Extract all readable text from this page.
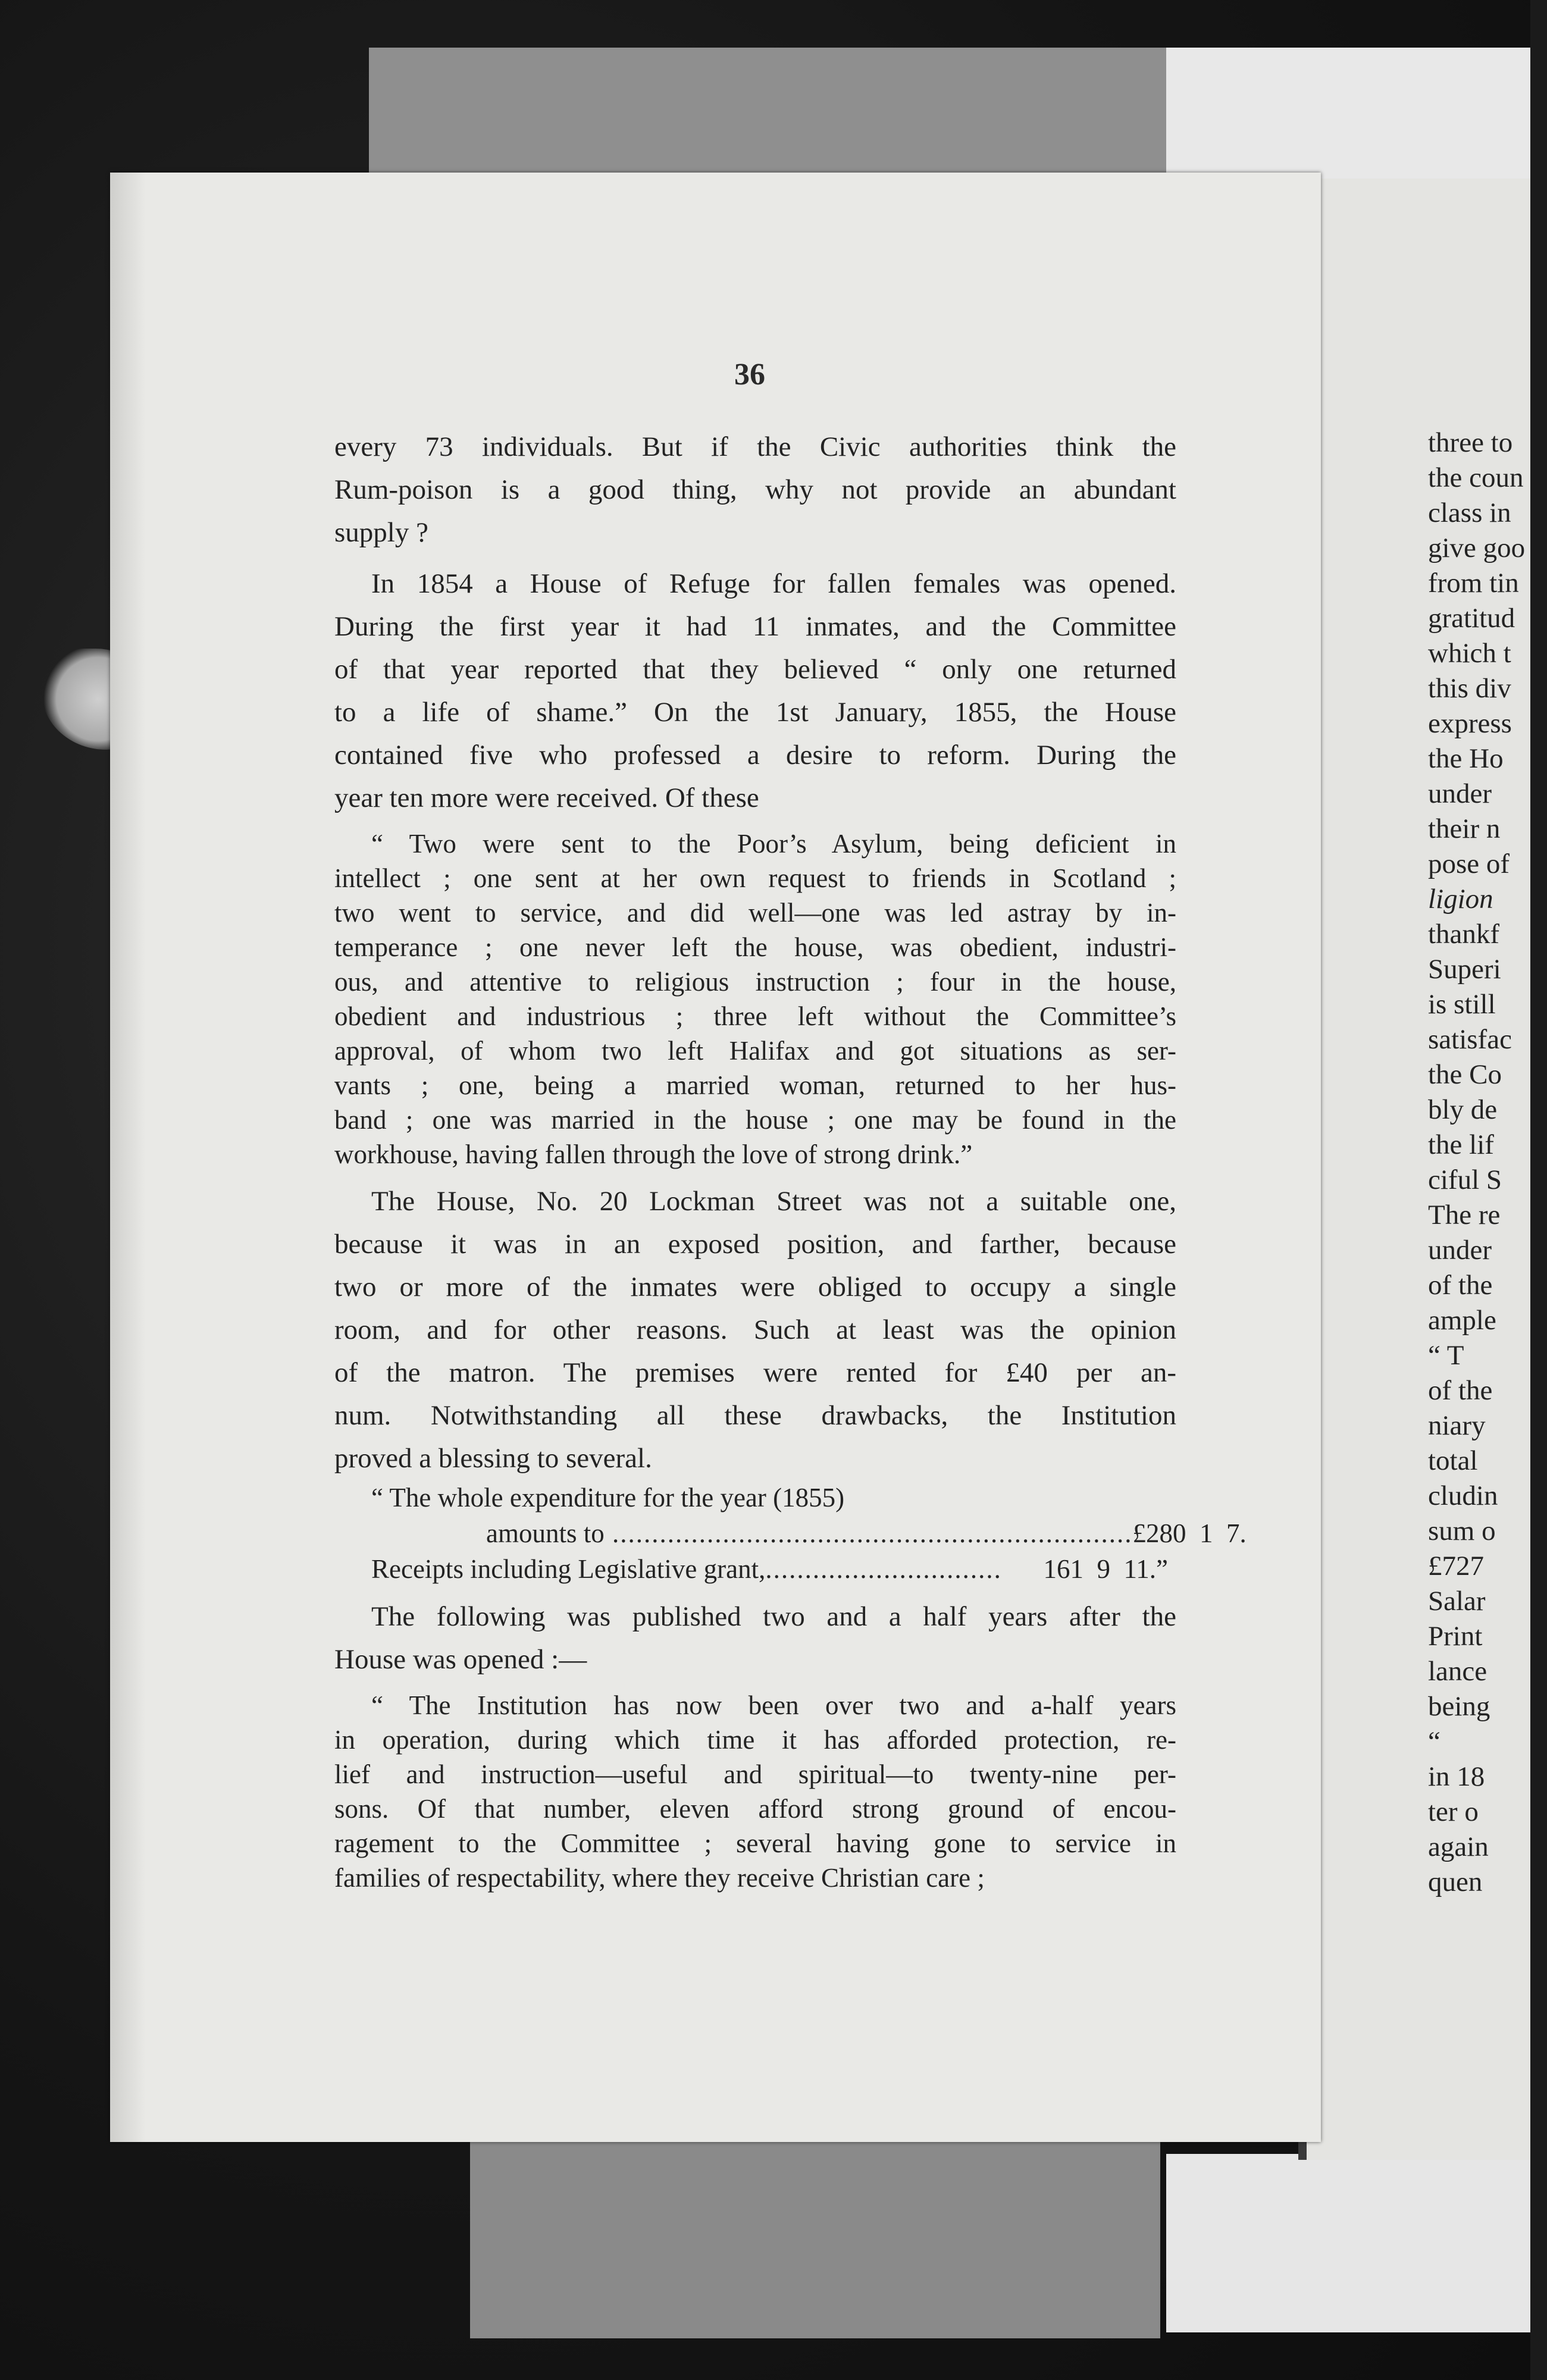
36

every 73 individuals. But if the Civic authorities think the
Rum-poison is a good thing, why not provide an abundant
supply ?

In 1854 a House of Refuge for fallen females was opened.
During the first year it had 11 inmates, and the Committee
of that year reported that they believed “ only one returned
to a life of shame.” On the 1st January, 1855, the House
contained five who professed a desire to reform. During the
year ten more were received. Of these

“ Two were sent to the Poor’s Asylum, being deficient in
intellect ; one sent at her own request to friends in Scotland ;
two went to service, and did well—one was led astray by in-
temperance ; one never left the house, was obedient, industri-
ous, and attentive to religious instruction ; four in the house,
obedient and industrious ; three left without the Committee’s
approval, of whom two left Halifax and got situations as ser-
vants ; one, being a married woman, returned to her hus-
band ; one was married in the house ; one may be found in the
workhouse, having fallen through the love of strong drink.”

The House, No. 20 Lockman Street was not a suitable one,
because it was in an exposed position, and farther, because
two or more of the inmates were obliged to occupy a single
room, and for other reasons. Such at least was the opinion
of the matron. The premises were rented for £40 per an-
num. Notwithstanding all these drawbacks, the Institution
proved a blessing to several.

“ The whole expenditure for the year (1855)
amounts to .................................................................. £280  1  7.
Receipts including Legislative grant, ..............................	161  9  11.”

The following was published two and a half years after the
House was opened :—

“ The Institution has now been over two and a-half years
in operation, during which time it has afforded protection, re-
lief and instruction—useful and spiritual—to twenty-nine per-
sons. Of that number, eleven afford strong ground of encou-
ragement to the Committee ; several having gone to service in
families of respectability, where they receive Christian care ;
three to
the coun
class in
give goo
from tin
gratitud
which t
this div
express
the Ho
under
their n
pose of
ligion
thankf
Superi
is still
satisfac
the Co
bly de
the lif
ciful S
The re
under
of the
ample
“ T
of the
niary
total
cludin
sum o
£727
Salar
Print
lance
being
“
in 18
ter o
again
quen
